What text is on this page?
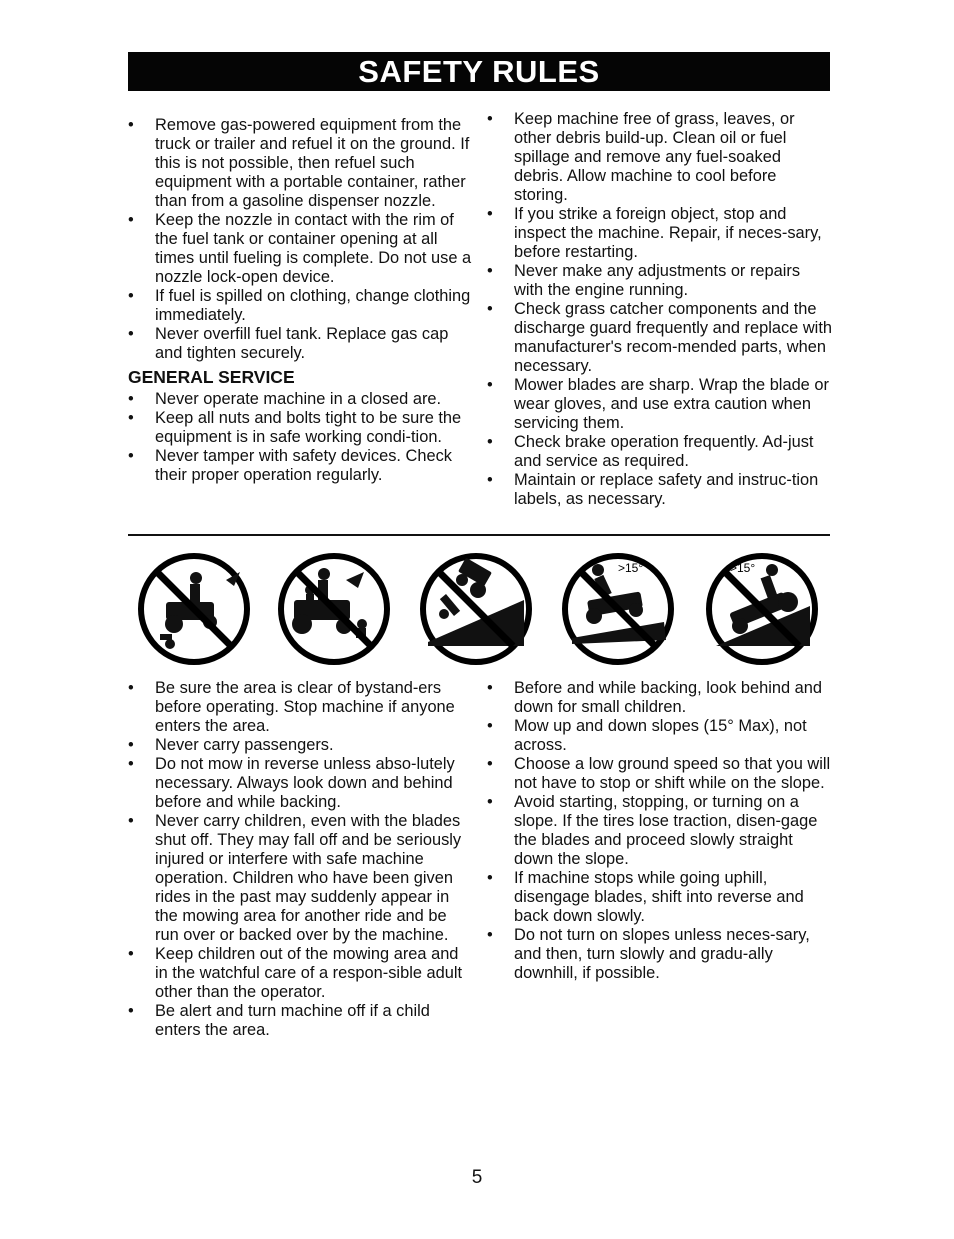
SAFETY RULES
• Remove gas-powered equipment from the truck or trailer and refuel it on the ground. If this is not possible, then refuel such equipment with a portable container, rather than from a gasoline dispenser nozzle.
• Keep the nozzle in contact with the rim of the fuel tank or container opening at all times until fueling is complete. Do not use a nozzle lock-open device.
• If fuel is spilled on clothing, change clothing immediately.
• Never overfill fuel tank. Replace gas cap and tighten securely.
GENERAL SERVICE
• Never operate machine in a closed are.
• Keep all nuts and bolts tight to be sure the equipment is in safe working condi-tion.
• Never tamper with safety devices. Check their proper operation regularly.
• Keep machine free of grass, leaves, or other debris build-up. Clean oil or fuel spillage and remove any fuel-soaked debris. Allow machine to cool before storing.
• If you strike a foreign object, stop and inspect the machine. Repair, if neces-sary, before restarting.
• Never make any adjustments or repairs with the engine running.
• Check grass catcher components and the discharge guard frequently and replace with manufacturer's recom-mended parts, when necessary.
• Mower blades are sharp. Wrap the blade or wear gloves, and use extra caution when servicing them.
• Check brake operation frequently. Ad-just and service as required.
• Maintain or replace safety and instruc-tion labels, as necessary.
>15°	>15°
• Be sure the area is clear of bystand-ers before operating. Stop machine if anyone enters the area.
• Never carry passengers.
• Do not mow in reverse unless abso-lutely necessary. Always look down and behind before and while backing.
• Never carry children, even with the blades shut off. They may fall off and be seriously injured or interfere with safe machine operation. Children who have been given rides in the past may suddenly appear in the mowing area for another ride and be run over or backed over by the machine.
• Keep children out of the mowing area and in the watchful care of a respon-sible adult other than the operator.
• Be alert and turn machine off if a child enters the area.
• Before and while backing, look behind and down for small children.
• Mow up and down slopes (15° Max), not across.
• Choose a low ground speed so that you will not have to stop or shift while on the slope.
• Avoid starting, stopping, or turning on a slope. If the tires lose traction, disen-gage the blades and proceed slowly straight down the slope.
• If machine stops while going uphill, disengage blades, shift into reverse and back down slowly.
• Do not turn on slopes unless neces-sary, and then, turn slowly and gradu-ally downhill, if possible.
5
